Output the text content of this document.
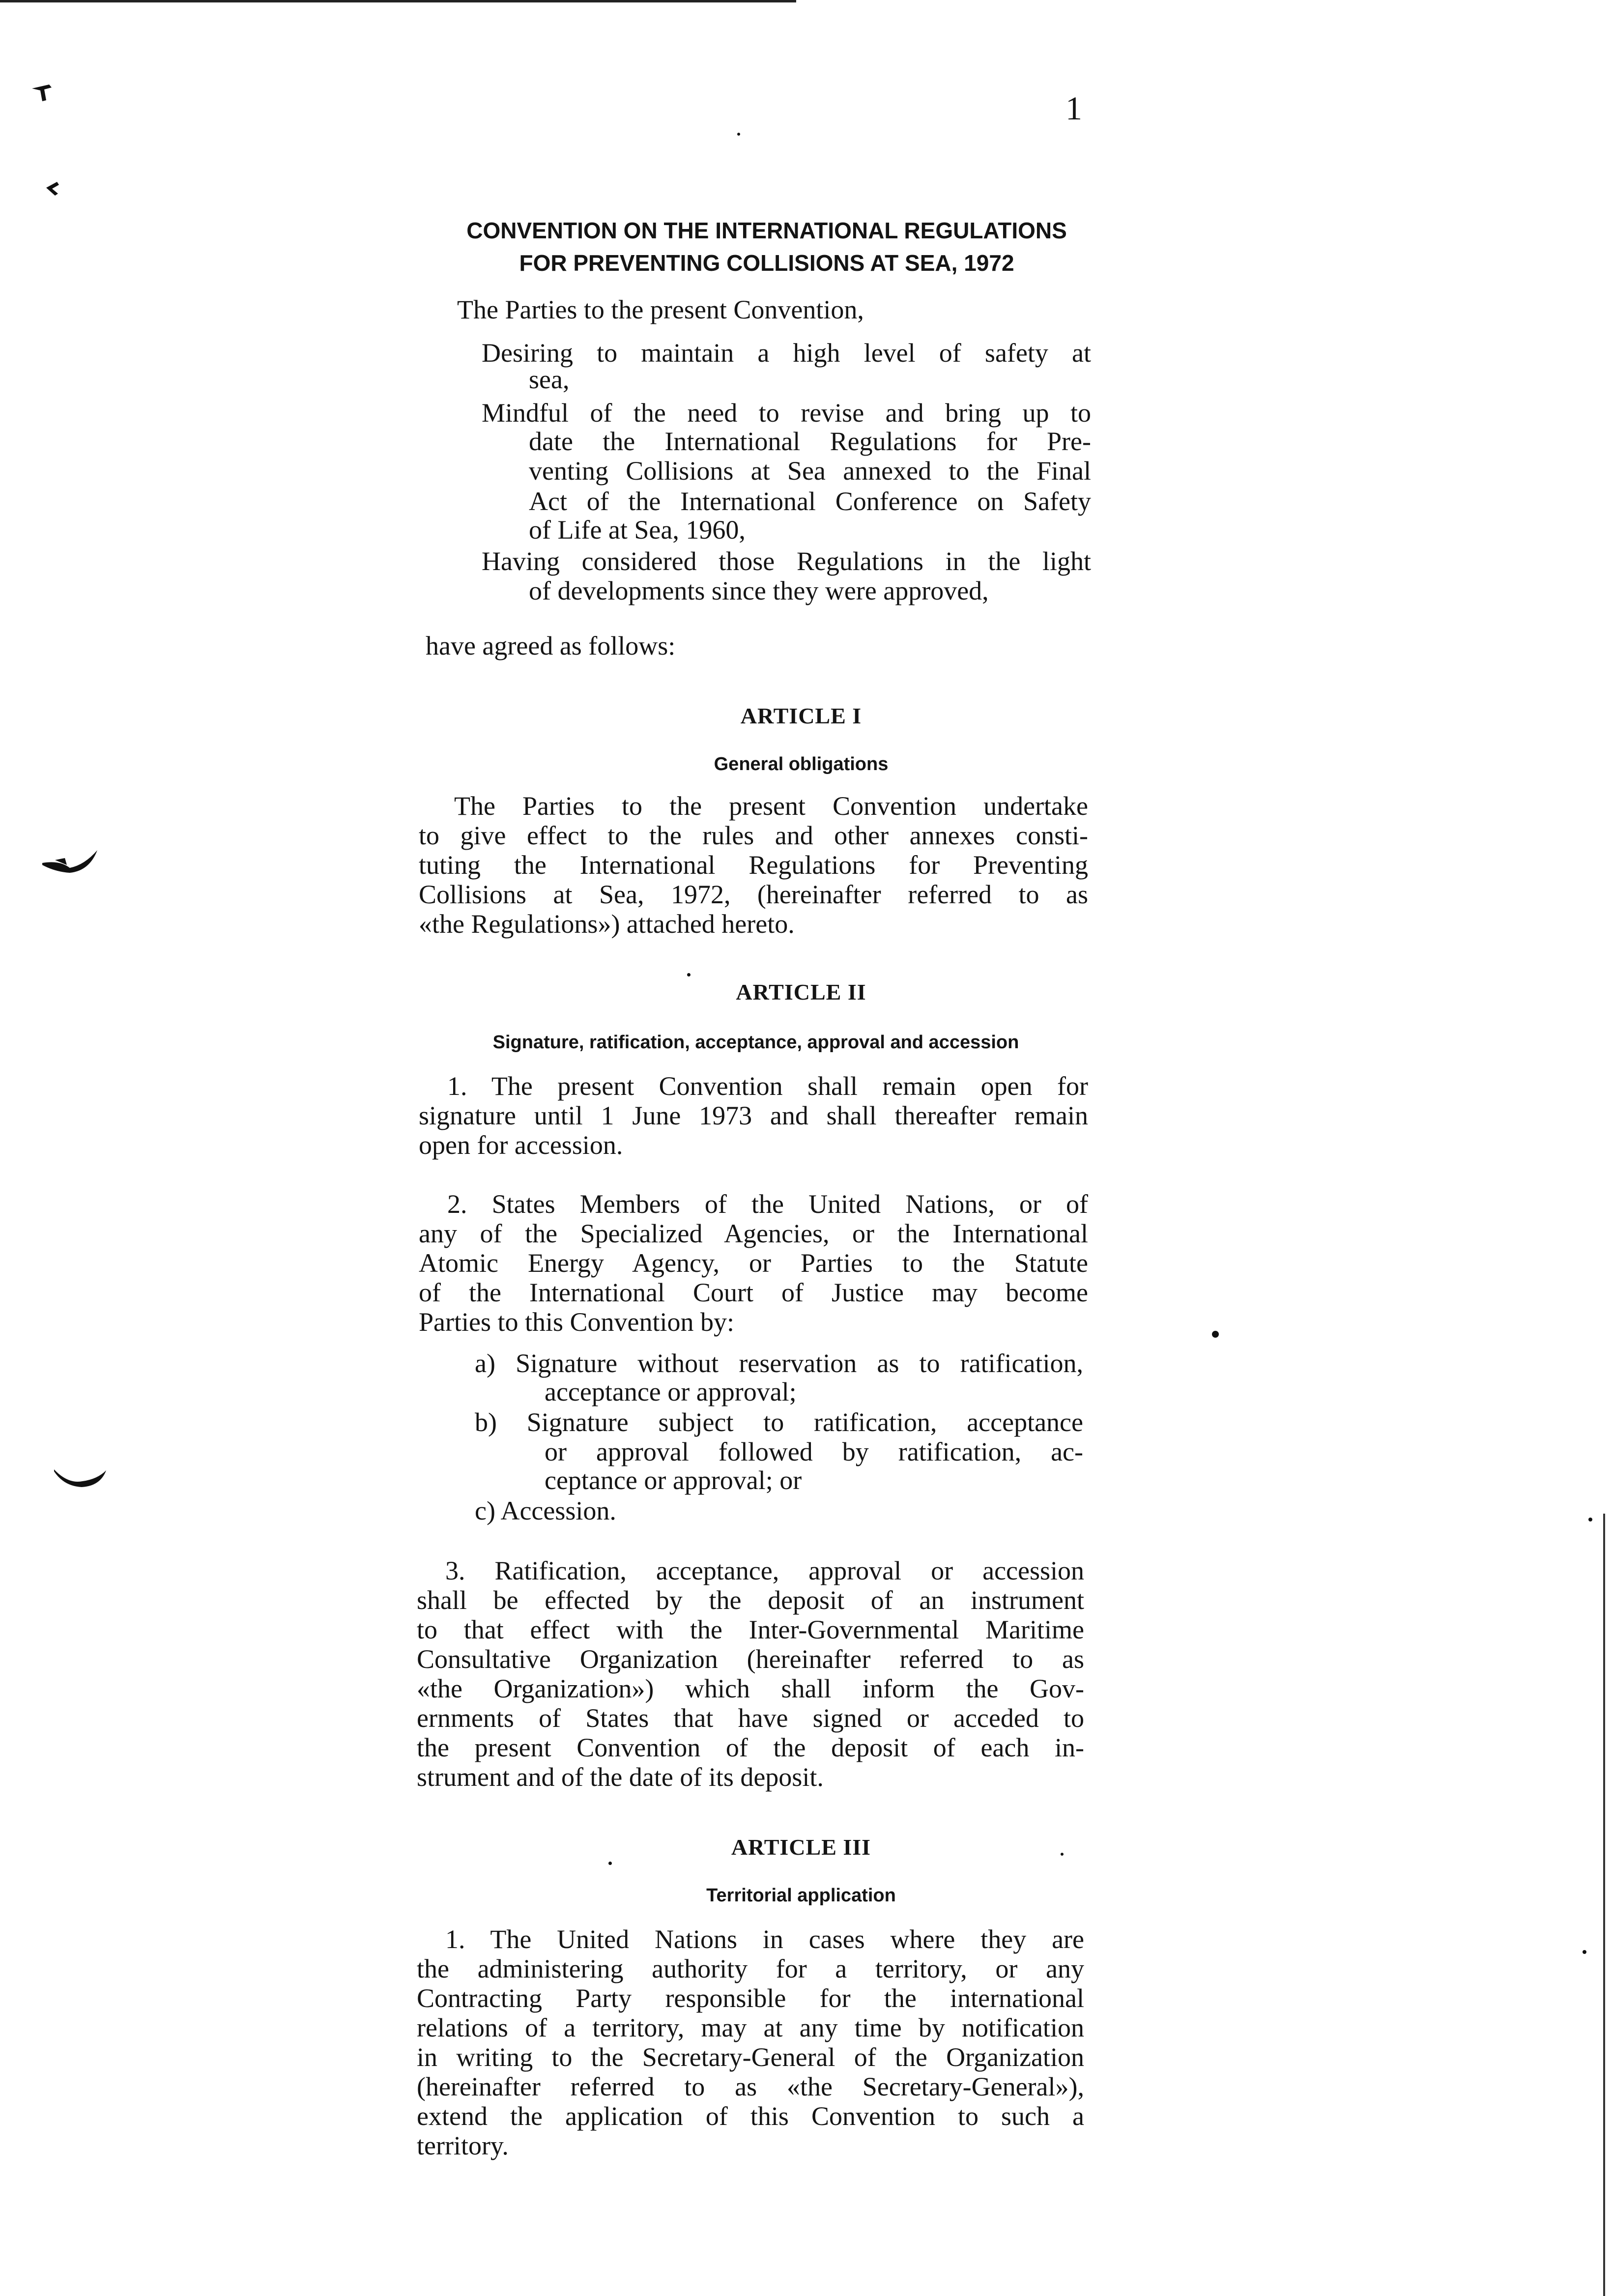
1
CONVENTION ON THE INTERNATIONAL REGULATIONS
FOR PREVENTING COLLISIONS AT SEA, 1972
The Parties to the present Convention,
Desiring to maintain a high level of safety at
sea,
Mindful of the need to revise and bring up to
date the International Regulations for Pre-
venting Collisions at Sea annexed to the Final
Act of the International Conference on Safety
of Life at Sea, 1960,
Having considered those Regulations in the light
of developments since they were approved,
have agreed as follows:
ARTICLE I
General obligations
The Parties to the present Convention undertake
to give effect to the rules and other annexes consti-
tuting the International Regulations for Preventing
Collisions at Sea, 1972, (hereinafter referred to as
«the Regulations») attached hereto.
ARTICLE II
Signature, ratification, acceptance, approval and accession
1. The present Convention shall remain open for
signature until 1 June 1973 and shall thereafter remain
open for accession.
2. States Members of the United Nations, or of
any of the Specialized Agencies, or the International
Atomic Energy Agency, or Parties to the Statute
of the International Court of Justice may become
Parties to this Convention by:
a) Signature without reservation as to ratification,
acceptance or approval;
b) Signature subject to ratification, acceptance
or approval followed by ratification, ac-
ceptance or approval; or
c) Accession.
3. Ratification, acceptance, approval or accession
shall be effected by the deposit of an instrument
to that effect with the Inter-Governmental Maritime
Consultative Organization (hereinafter referred to as
«the Organization») which shall inform the Gov-
ernments of States that have signed or acceded to
the present Convention of the deposit of each in-
strument and of the date of its deposit.
ARTICLE III
Territorial application
1. The United Nations in cases where they are
the administering authority for a territory, or any
Contracting Party responsible for the international
relations of a territory, may at any time by notification
in writing to the Secretary-General of the Organization
(hereinafter referred to as «the Secretary-General»),
extend the application of this Convention to such a
territory.
